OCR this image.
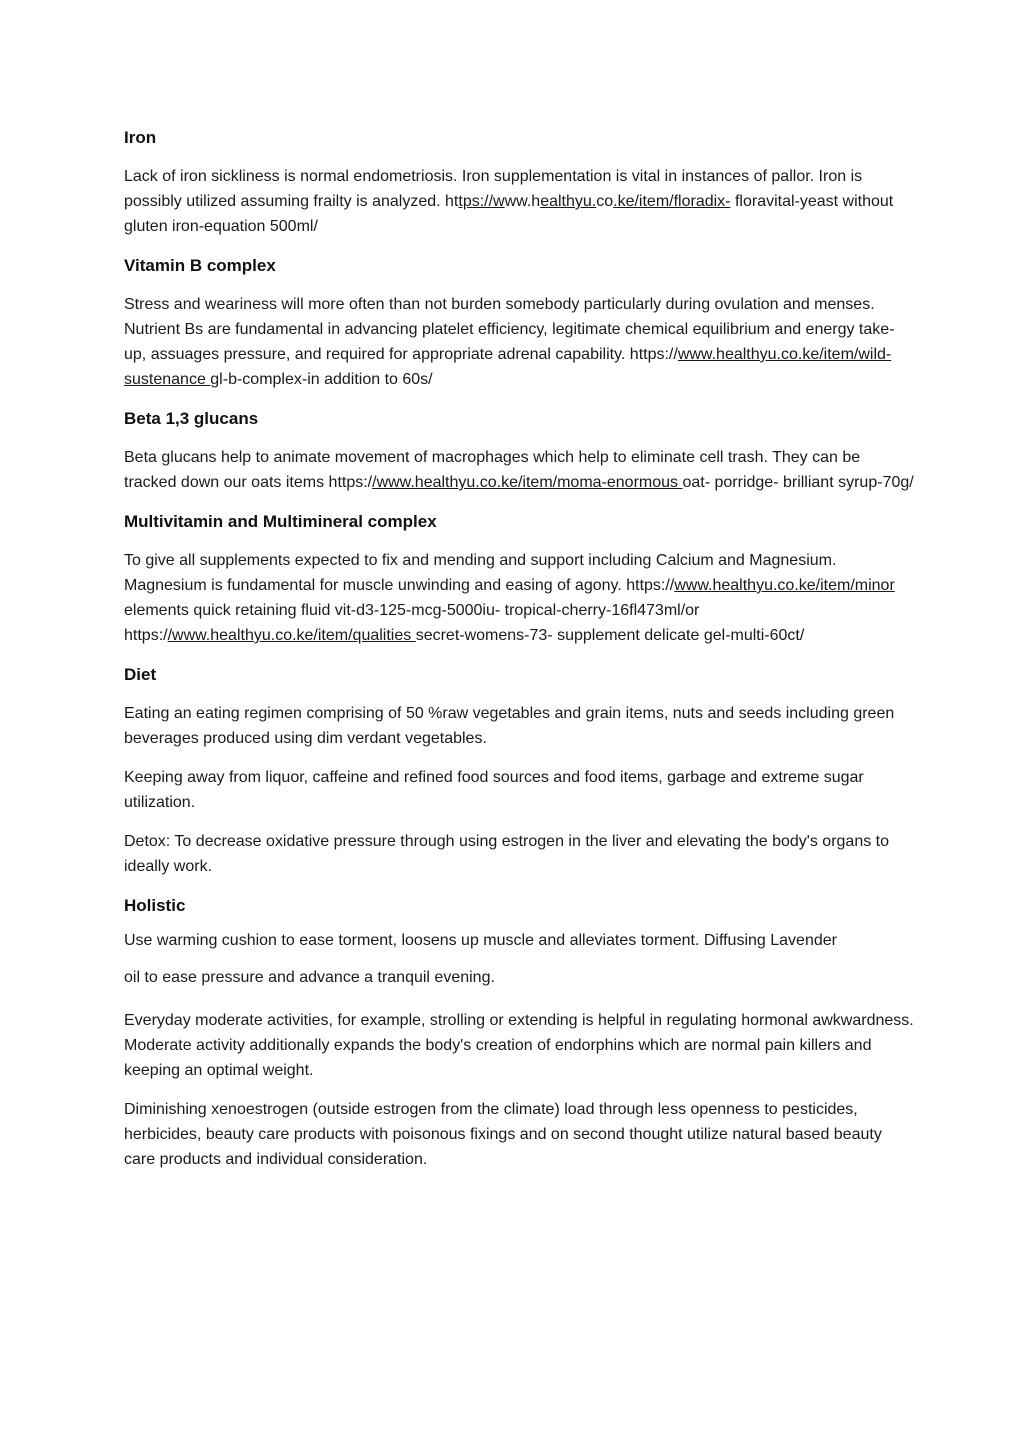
Iron
Lack of iron sickliness is normal endometriosis. Iron supplementation is vital in instances of pallor. Iron is possibly utilized assuming frailty is analyzed. https://www.healthyu.co.ke/item/floradix- floravital-yeast without gluten iron-equation 500ml/
Vitamin B complex
Stress and weariness will more often than not burden somebody particularly during ovulation and menses. Nutrient Bs are fundamental in advancing platelet efficiency, legitimate chemical equilibrium and energy take-up, assuages pressure, and required for appropriate adrenal capability. https://www.healthyu.co.ke/item/wild-sustenance gl-b-complex-in addition to 60s/
Beta 1,3 glucans
Beta glucans help to animate movement of macrophages which help to eliminate cell trash. They can be tracked down our oats items https://www.healthyu.co.ke/item/moma-enormous oat- porridge- brilliant syrup-70g/
Multivitamin and Multimineral complex
To give all supplements expected to fix and mending and support including Calcium and Magnesium. Magnesium is fundamental for muscle unwinding and easing of agony. https://www.healthyu.co.ke/item/minor elements quick retaining fluid vit-d3-125-mcg-5000iu- tropical-cherry-16fl473ml/or https://www.healthyu.co.ke/item/qualities secret-womens-73- supplement delicate gel-multi-60ct/
Diet
Eating an eating regimen comprising of 50 %raw vegetables and grain items, nuts and seeds including green beverages produced using dim verdant vegetables.
Keeping away from liquor, caffeine and refined food sources and food items, garbage and extreme sugar utilization.
Detox: To decrease oxidative pressure through using estrogen in the liver and elevating the body's organs to ideally work.
Holistic
Use warming cushion to ease torment, loosens up muscle and alleviates torment. Diffusing Lavender
oil to ease pressure and advance a tranquil evening.
Everyday moderate activities, for example, strolling or extending is helpful in regulating hormonal awkwardness. Moderate activity additionally expands the body's creation of endorphins which are normal pain killers and keeping an optimal weight.
Diminishing xenoestrogen (outside estrogen from the climate) load through less openness to pesticides, herbicides, beauty care products with poisonous fixings and on second thought utilize natural based beauty care products and individual consideration.
